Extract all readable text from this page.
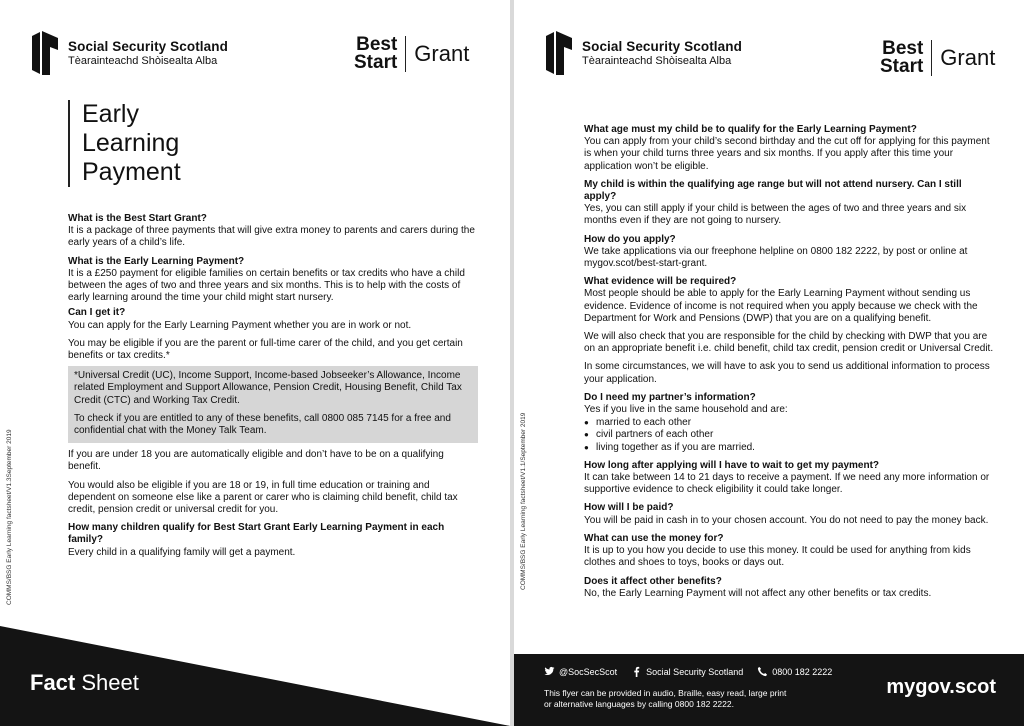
Social Security Scotland
Tèarainteachd Shòisealta Alba
Best
Start Grant
Early
Learning
Payment
COMMS/BSG Early Learning factsheet/V1.3September 2019
What is the Best Start Grant?
It is a package of three payments that will give extra money to parents and carers during the early years of a child’s life.
What is the Early Learning Payment?
It is a £250 payment for eligible families on certain benefits or tax credits who have a child between the ages of two and three years and six months. This is to help with the costs of early learning around the time your child might start nursery.
Can I get it?
You can apply for the Early Learning Payment whether you are in work or not.
You may be eligible if you are the parent or full-time carer of the child, and you get certain benefits or tax credits.*
*Universal Credit (UC), Income Support, Income-based Jobseeker’s Allowance, Income related Employment and Support Allowance, Pension Credit, Housing Benefit, Child Tax Credit (CTC) and Working Tax Credit.
To check if you are entitled to any of these benefits, call 0800 085 7145 for a free and confidential chat with the Money Talk Team.
If you are under 18 you are automatically eligible and don’t have to be on a qualifying benefit.
You would also be eligible if you are 18 or 19, in full time education or training and dependent on someone else like a parent or carer who is claiming child benefit, child tax credit, pension credit or universal credit for you.
How many children qualify for Best Start Grant Early Learning Payment in each family?
Every child in a qualifying family will get a payment.
Fact Sheet
Social Security Scotland
Tèarainteachd Shòisealta Alba
Best
Start Grant
COMMS/BSG Early Learning factsheet/V1.1/September 2019
What age must my child be to qualify for the Early Learning Payment?
You can apply from your child’s second birthday and the cut off for applying for this payment is when your child turns three years and six months. If you apply after this time your application won’t be eligible.
My child is within the qualifying age range but will not attend nursery. Can I still apply?
Yes, you can still apply if your child is between the ages of two and three years and six months even if they are not going to nursery.
How do you apply?
We take applications via our freephone helpline on 0800 182 2222, by post or online at mygov.scot/best-start-grant.
What evidence will be required?
Most people should be able to apply for the Early Learning Payment without sending us evidence. Evidence of income is not required when you apply because we check with the Department for Work and Pensions (DWP) that you are on a qualifying benefit.
We will also check that you are responsible for the child by checking with DWP that you are on an appropriate benefit i.e. child benefit, child tax credit, pension credit or Universal Credit.
In some circumstances, we will have to ask you to send us additional information to process your application.
Do I need my partner’s information?
Yes if you live in the same household and are:
● married to each other
● civil partners of each other
● living together as if you are married.
How long after applying will I have to wait to get my payment?
It can take between 14 to 21 days to receive a payment. If we need any more information or supportive evidence to check eligibility it could take longer.
How will I be paid?
You will be paid in cash in to your chosen account. You do not need to pay the money back.
What can use the money for?
It is up to you how you decide to use this money. It could be used for anything from kids clothes and shoes to toys, books or days out.
Does it affect other benefits?
No, the Early Learning Payment will not affect any other benefits or tax credits.
@SocSecScot	Social Security Scotland	0800 182 2222
This flyer can be provided in audio, Braille, easy read, large print or alternative languages by calling 0800 182 2222.
mygov.scot
